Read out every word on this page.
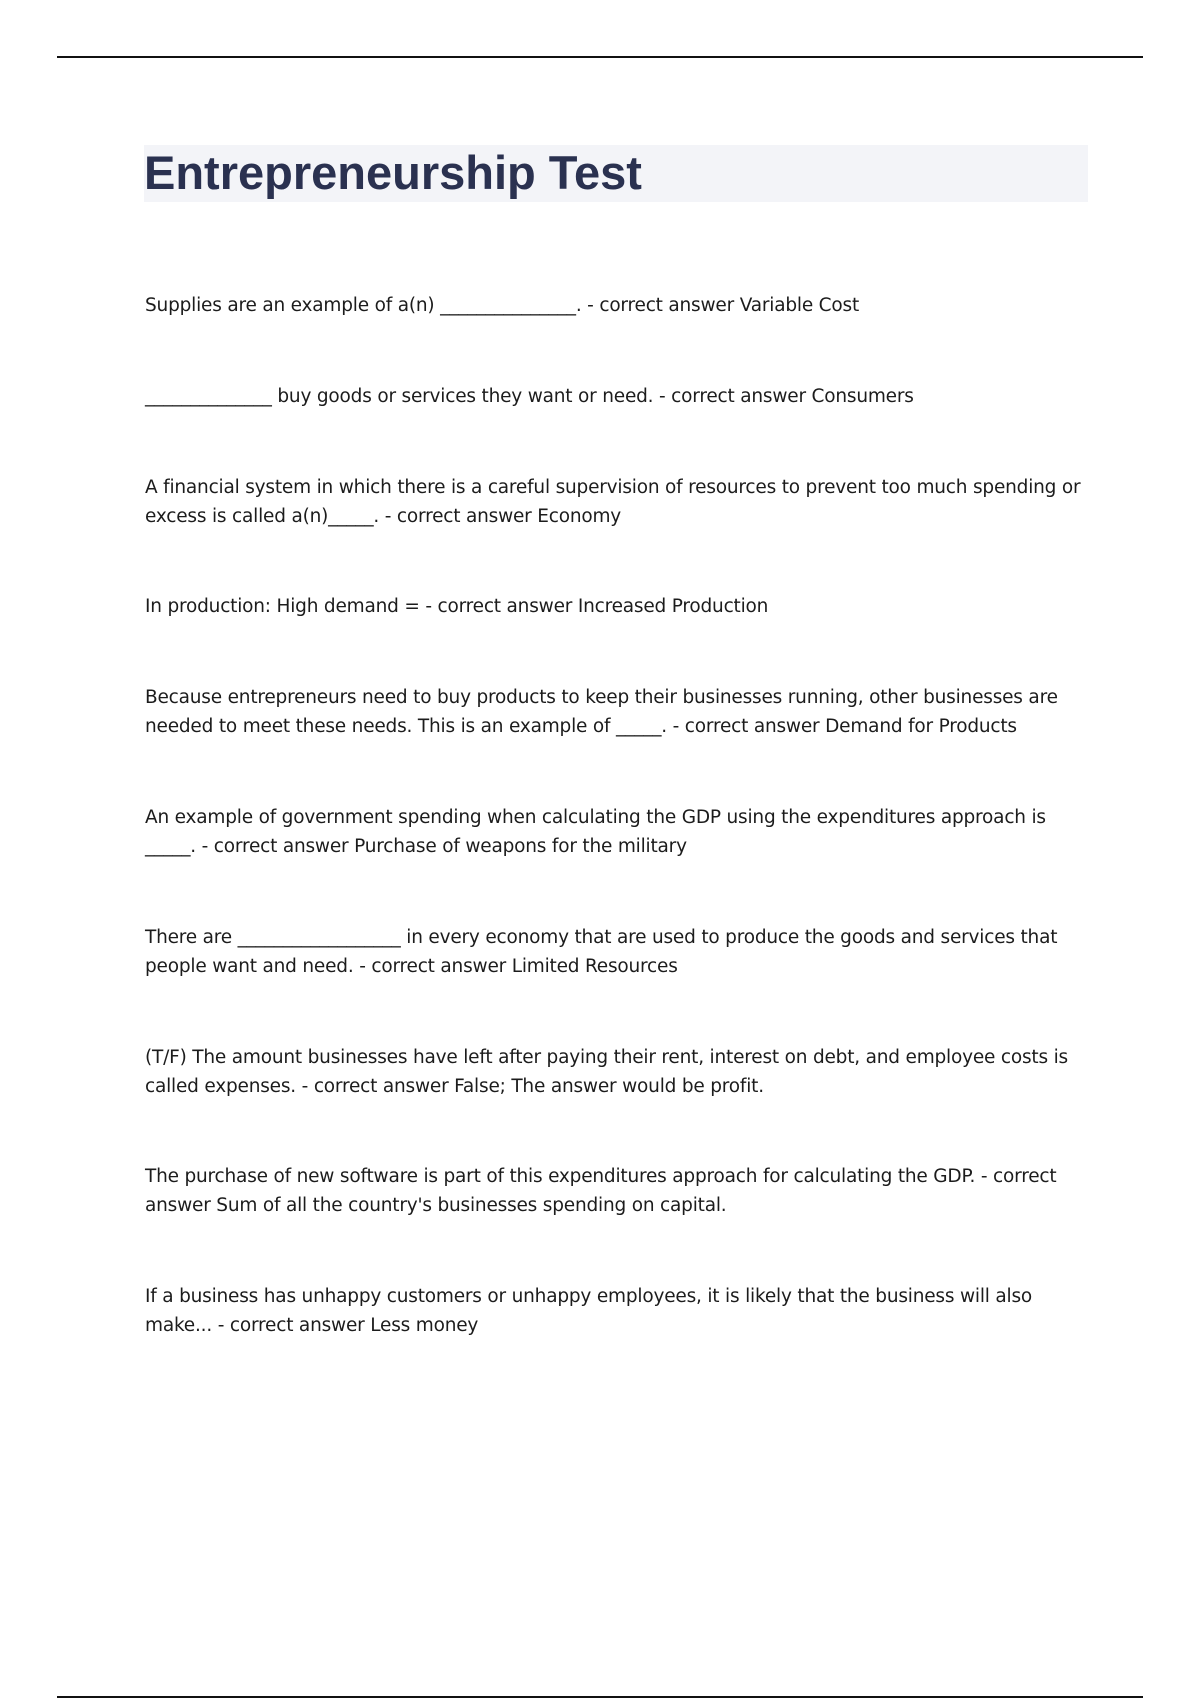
Entrepreneurship Test

Supplies are an example of a(n) _______________. - correct answer Variable Cost

______________ buy goods or services they want or need. - correct answer Consumers

A financial system in which there is a careful supervision of resources to prevent too much spending or excess is called a(n)_____. - correct answer Economy

In production: High demand = - correct answer Increased Production

Because entrepreneurs need to buy products to keep their businesses running, other businesses are needed to meet these needs. This is an example of _____. - correct answer Demand for Products

An example of government spending when calculating the GDP using the expenditures approach is _____. - correct answer Purchase of weapons for the military

There are __________________ in every economy that are used to produce the goods and services that people want and need. - correct answer Limited Resources

(T/F) The amount businesses have left after paying their rent, interest on debt, and employee costs is called expenses. - correct answer False; The answer would be profit.

The purchase of new software is part of this expenditures approach for calculating the GDP. - correct answer Sum of all the country's businesses spending on capital.

If a business has unhappy customers or unhappy employees, it is likely that the business will also make... - correct answer Less money
